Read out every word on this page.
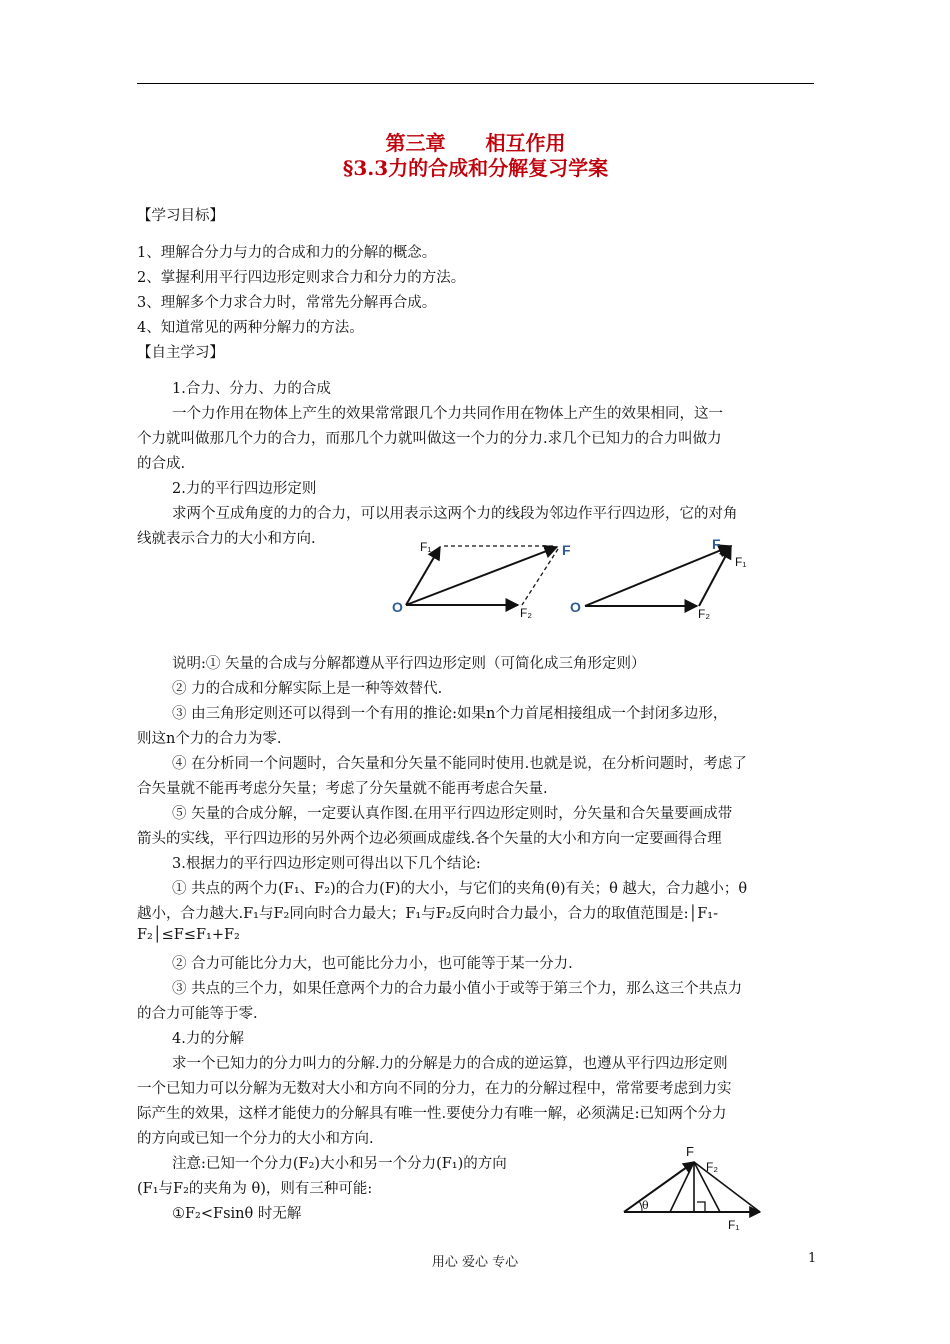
第三章　　相互作用
§3.3力的合成和分解复习学案
【学习目标】
1、理解合分力与力的合成和力的分解的概念。
2、掌握利用平行四边形定则求合力和分力的方法。
3、理解多个力求合力时，常常先分解再合成。
4、知道常见的两种分解力的方法。
【自主学习】
1.合力、分力、力的合成
一个力作用在物体上产生的效果常常跟几个力共同作用在物体上产生的效果相同，这一
个力就叫做那几个力的合力，而那几个力就叫做这一个力的分力.求几个已知力的合力叫做力
的合成.
2.力的平行四边形定则
求两个互成角度的力的合力，可以用表示这两个力的线段为邻边作平行四边形，它的对角
线就表示合力的大小和方向.
O
F₁
F₂
F
O
F
F₁
F₂
说明:① 矢量的合成与分解都遵从平行四边形定则（可简化成三角形定则）
② 力的合成和分解实际上是一种等效替代.
③ 由三角形定则还可以得到一个有用的推论:如果n个力首尾相接组成一个封闭多边形，
则这n个力的合力为零.
④ 在分析同一个问题时，合矢量和分矢量不能同时使用.也就是说，在分析问题时，考虑了
合矢量就不能再考虑分矢量；考虑了分矢量就不能再考虑合矢量.
⑤ 矢量的合成分解，一定要认真作图.在用平行四边形定则时，分矢量和合矢量要画成带
箭头的实线，平行四边形的另外两个边必须画成虚线.各个矢量的大小和方向一定要画得合理
3.根据力的平行四边形定则可得出以下几个结论:
① 共点的两个力(F₁、F₂)的合力(F)的大小，与它们的夹角(θ)有关；θ 越大，合力越小；θ
越小，合力越大.F₁与F₂同向时合力最大；F₁与F₂反向时合力最小，合力的取值范围是:│F₁-
F₂│≤F≤F₁+F₂
② 合力可能比分力大，也可能比分力小，也可能等于某一分力.
③ 共点的三个力，如果任意两个力的合力最小值小于或等于第三个力，那么这三个共点力
的合力可能等于零.
4.力的分解
求一个已知力的分力叫力的分解.力的分解是力的合成的逆运算，也遵从平行四边形定则
一个已知力可以分解为无数对大小和方向不同的分力，在力的分解过程中，常常要考虑到力实
际产生的效果，这样才能使力的分解具有唯一性.要使分力有唯一解，必须满足:已知两个分力
的方向或已知一个分力的大小和方向.
注意:已知一个分力(F₂)大小和另一个分力(F₁)的方向
(F₁与F₂的夹角为 θ)，则有三种可能:
①F₂<Fsinθ 时无解
θ
F
F₂
F₁
用心 爱心 专心	1
